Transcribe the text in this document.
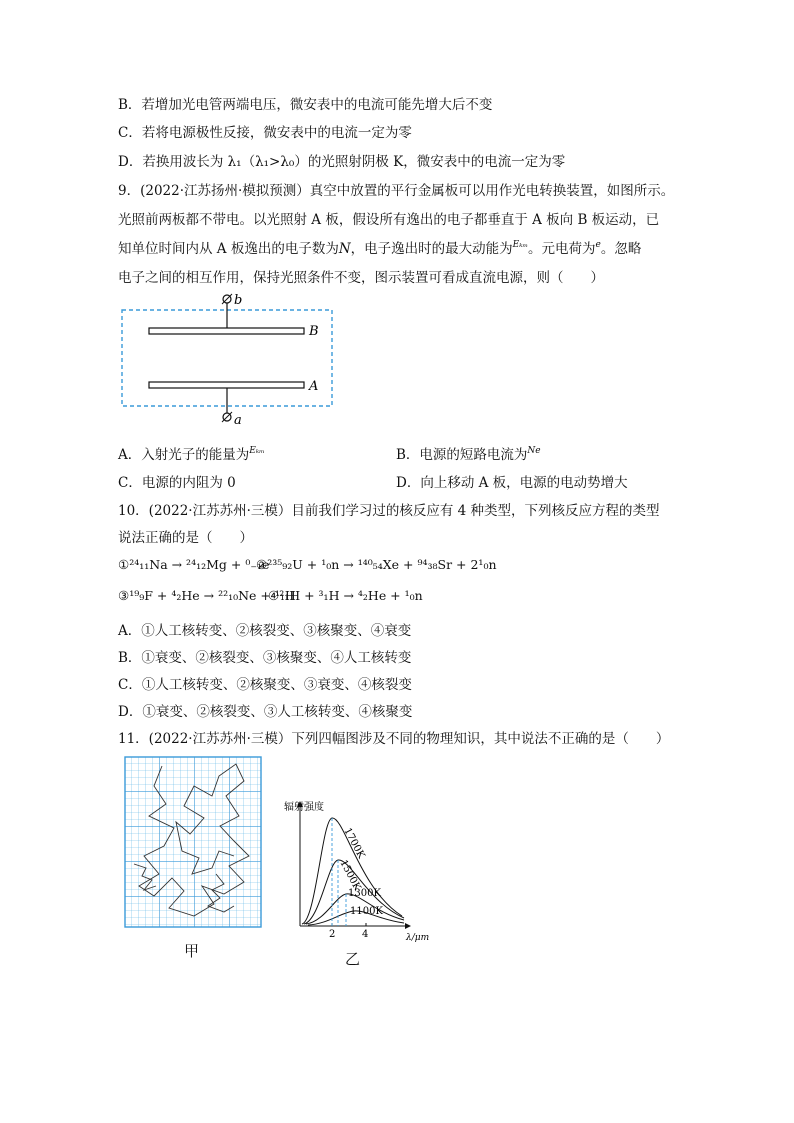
B．若增加光电管两端电压，微安表中的电流可能先增大后不变
C．若将电源极性反接，微安表中的电流一定为零
D．若换用波长为 λ₁（λ₁>λ₀）的光照射阴极 K，微安表中的电流一定为零
9．(2022·江苏扬州·模拟预测）真空中放置的平行金属板可以用作光电转换装置，如图所示。
光照前两板都不带电。以光照射 A 板，假设所有逸出的电子都垂直于 A 板向 B 板运动，已
知单位时间内从 A 板逸出的电子数为N，电子逸出时的最大动能为$^{E_{km}}$。元电荷为$^e$。忽略
电子之间的相互作用，保持光照条件不变，图示装置可看成直流电源，则（　　）
b
B
A
a
A．入射光子的能量为$^{E_{km}}$	B．电源的短路电流为$^{Ne}$
C．电源的内阻为 0	D．向上移动 A 板，电源的电动势增大
10．(2022·江苏苏州·三模）目前我们学习过的核反应有 4 种类型，下列核反应方程的类型
说法正确的是（　　）
①²⁴₁₁Na → ²⁴₁₂Mg + ⁰₋₁e
②²³⁵₉₂U + ¹₀n → ¹⁴⁰₅₄Xe + ⁹⁴₃₈Sr + 2¹₀n
③¹⁹₉F + ⁴₂He → ²²₁₀Ne + ¹₁H
④²₁H + ³₁H → ⁴₂He + ¹₀n
A．①人工核转变、②核裂变、③核聚变、④衰变
B．①衰变、②核裂变、③核聚变、④人工核转变
C．①人工核转变、②核聚变、③衰变、④核裂变
D．①衰变、②核裂变、③人工核转变、④核聚变
11．(2022·江苏苏州·三模）下列四幅图涉及不同的物理知识，其中说法不正确的是（　　）
甲
辐射强度
λ/μm
2	4
1700K
1500K
1300K
1100K
乙
